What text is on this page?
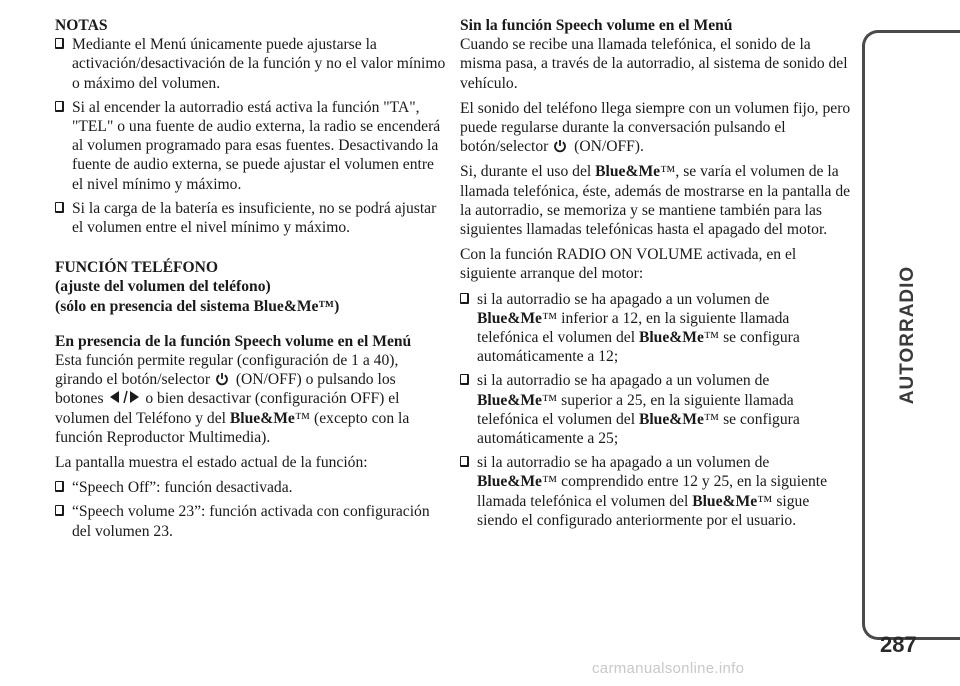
NOTAS

Mediante el Menú únicamente puede ajustarse la activación/desactivación de la función y no el valor mínimo o máximo del volumen.
Si al encender la autorradio está activa la función "TA", "TEL" o una fuente de audio externa, la radio se encenderá al volumen programado para esas fuentes. Desactivando la fuente de audio externa, se puede ajustar el volumen entre el nivel mínimo y máximo.
Si la carga de la batería es insuficiente, no se podrá ajustar el volumen entre el nivel mínimo y máximo.

FUNCIÓN TELÉFONO

(ajuste del volumen del teléfono)

(sólo en presencia del sistema Blue&Me™)

En presencia de la función Speech volume en el Menú

Esta función permite regular (configuración de 1 a 40), girando el botón/selector (ON/OFF) o pulsando los botones	o bien desactivar (configuración OFF) el volumen del Teléfono y del Blue&Me™ (excepto con la función Reproductor Multimedia).

La pantalla muestra el estado actual de la función:

“Speech Off”: función desactivada.
“Speech volume 23”: función activada con configuración del volumen 23.

Sin la función Speech volume en el Menú

Cuando se recibe una llamada telefónica, el sonido de la misma pasa, a través de la autorradio, al sistema de sonido del vehículo.

El sonido del teléfono llega siempre con un volumen fijo, pero puede regularse durante la conversación pulsando el botón/selector (ON/OFF).

Si, durante el uso del Blue&Me™, se varía el volumen de la llamada telefónica, éste, además de mostrarse en la pantalla de la autorradio, se memoriza y se mantiene también para las siguientes llamadas telefónicas hasta el apagado del motor.

Con la función RADIO ON VOLUME activada, en el siguiente arranque del motor:

si la autorradio se ha apagado a un volumen de Blue&Me™ inferior a 12, en la siguiente llamada telefónica el volumen del Blue&Me™ se configura automáticamente a 12;
si la autorradio se ha apagado a un volumen de Blue&Me™ superior a 25, en la siguiente llamada telefónica el volumen del Blue&Me™ se configura automáticamente a 25;
si la autorradio se ha apagado a un volumen de Blue&Me™ comprendido entre 12 y 25, en la siguiente llamada telefónica el volumen del Blue&Me™ sigue siendo el configurado anteriormente por el usuario.
AUTORRADIO
287
carmanualsonline.info
